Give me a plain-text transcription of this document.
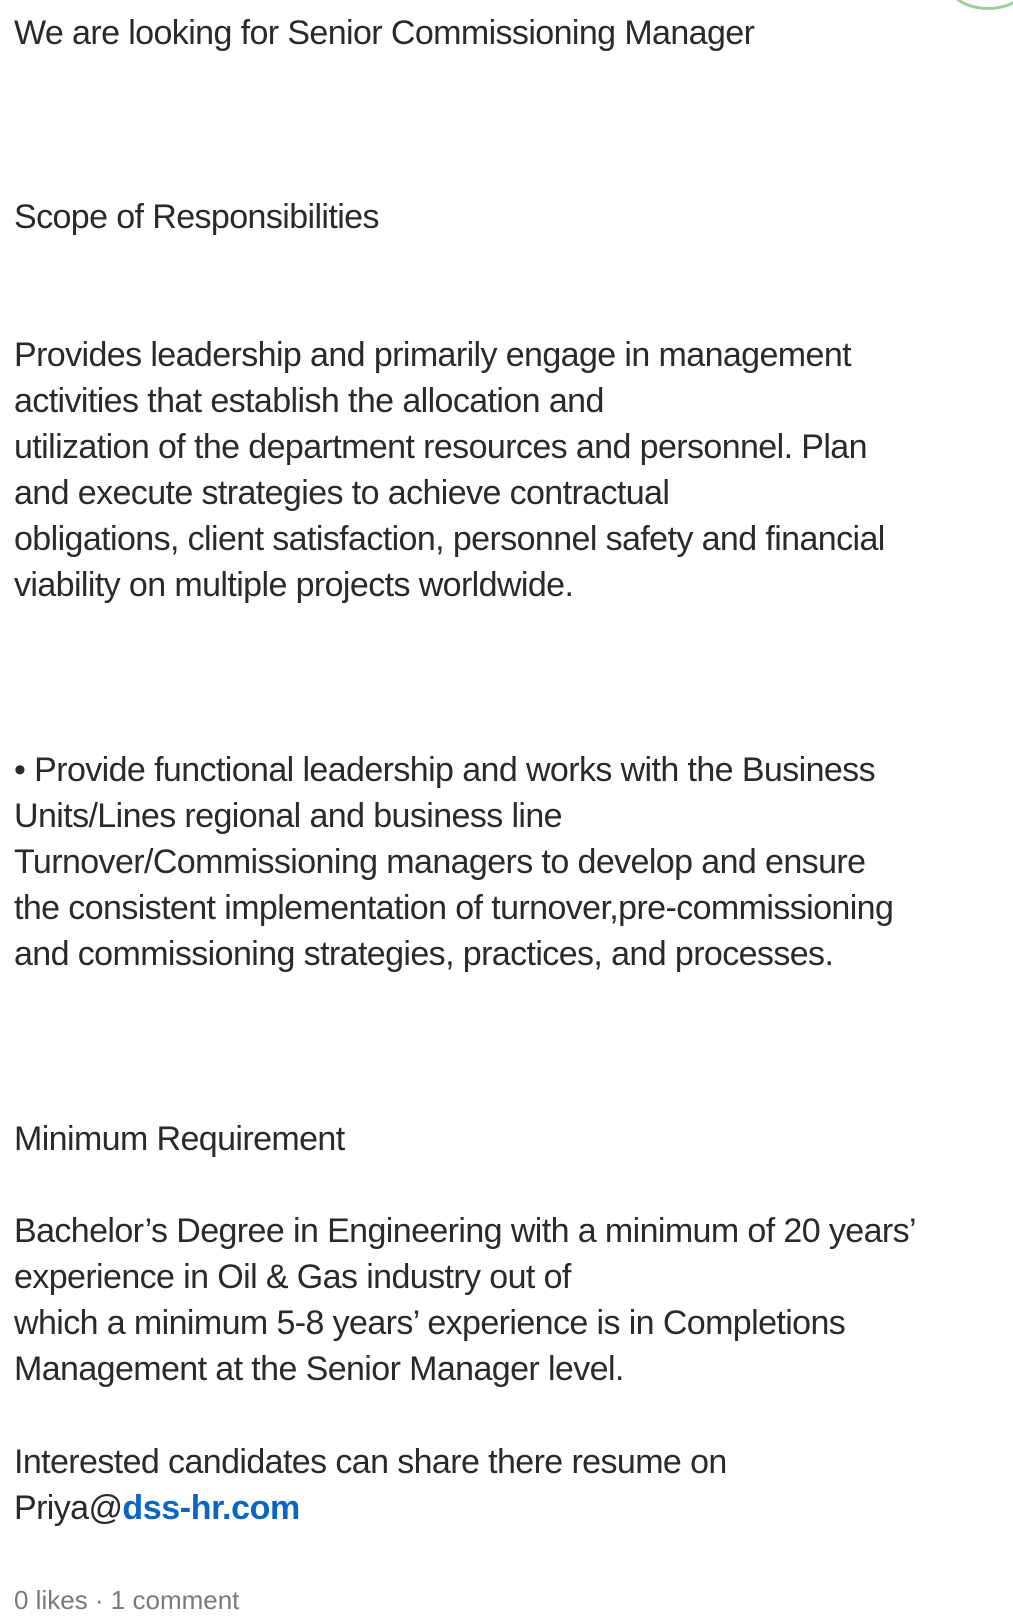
We are looking for Senior Commissioning Manager
Scope of Responsibilities
Provides leadership and primarily engage in management
activities that establish the allocation and
utilization of the department resources and personnel. Plan
and execute strategies to achieve contractual
obligations, client satisfaction, personnel safety and financial
viability on multiple projects worldwide.
• Provide functional leadership and works with the Business
Units/Lines regional and business line
Turnover/Commissioning managers to develop and ensure
the consistent implementation of turnover,pre-commissioning
and commissioning strategies, practices, and processes.
Minimum Requirement
Bachelor’s Degree in Engineering with a minimum of 20 years’
experience in Oil & Gas industry out of
which a minimum 5-8 years’ experience is in Completions
Management at the Senior Manager level.
Interested candidates can share there resume on
Priya@dss-hr.com
0 likes · 1 comment
